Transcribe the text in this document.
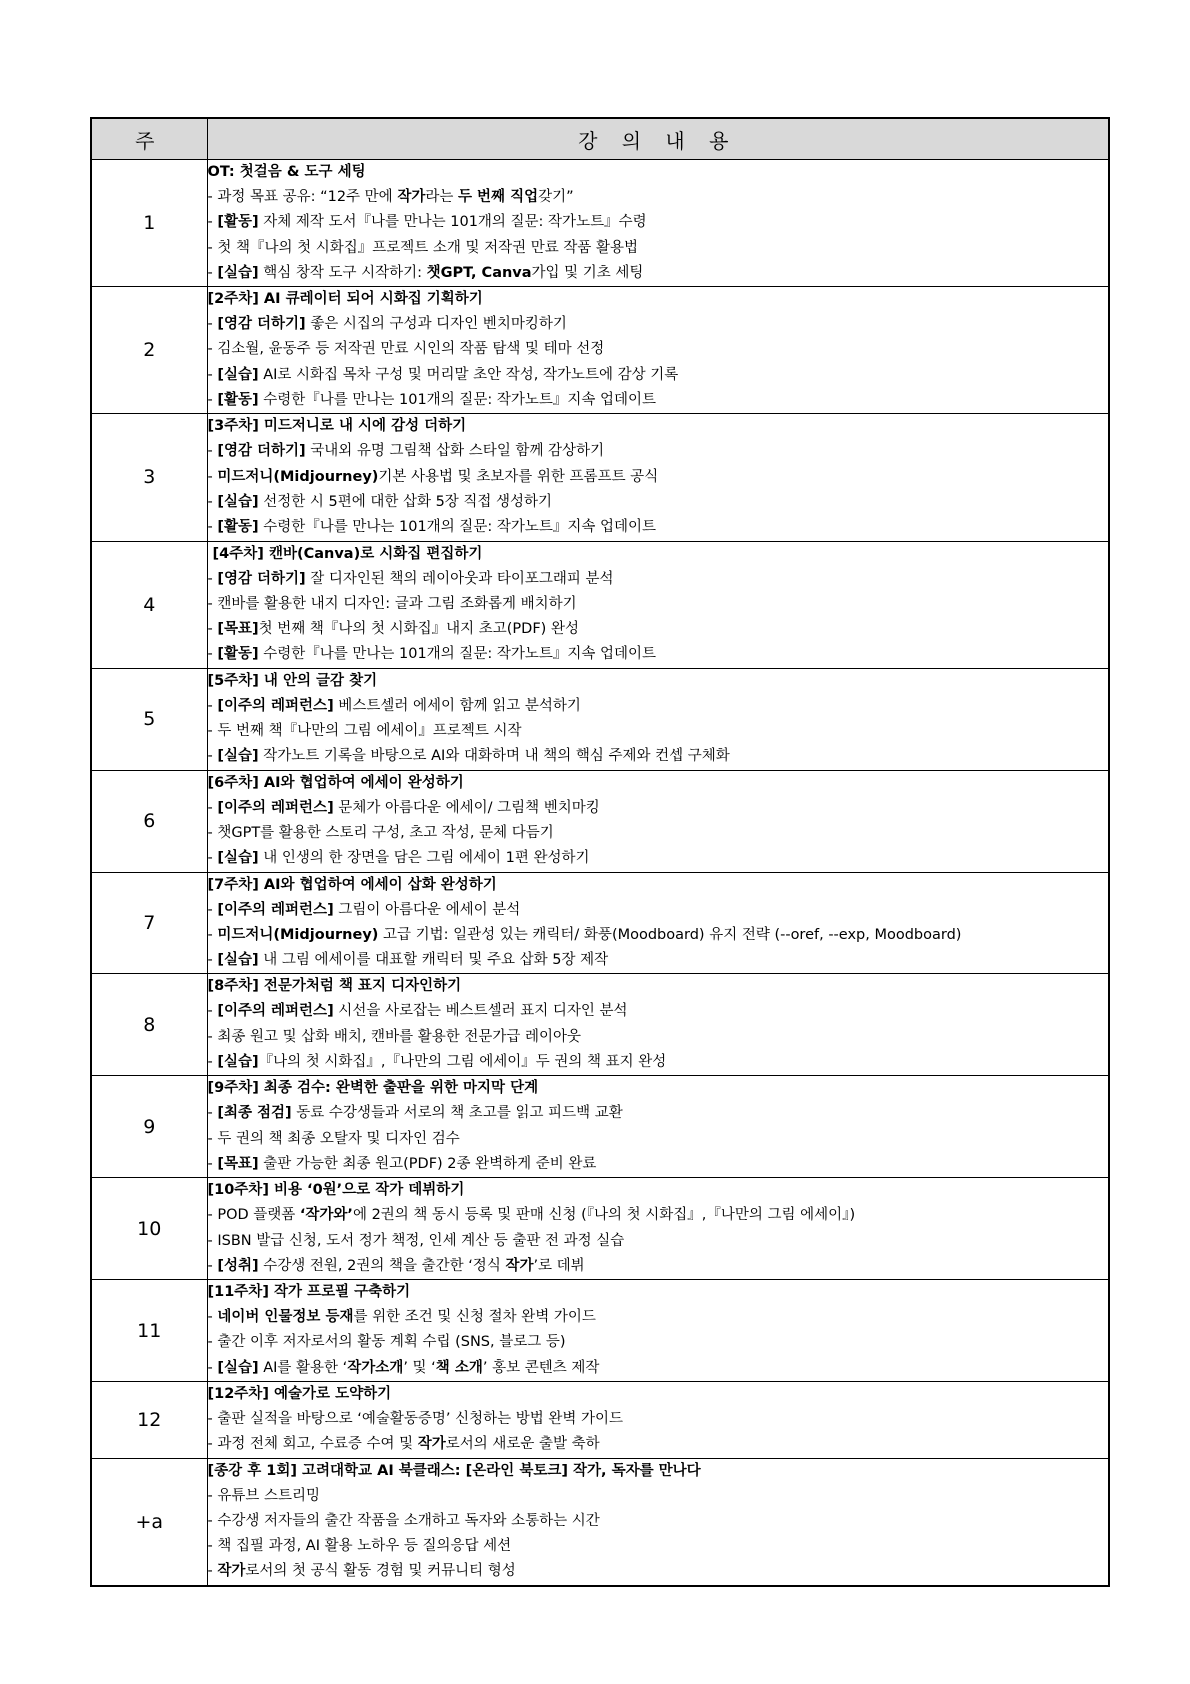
주	강 의 내 용
1	OT: 첫걸음 & 도구 세팅
- 과정 목표 공유: “12주 만에 작가라는 두 번째 직업갖기”
- [활동] 자체 제작 도서『나를 만나는 101개의 질문: 작가노트』수령
- 첫 책『나의 첫 시화집』프로젝트 소개 및 저작권 만료 작품 활용법
- [실습] 핵심 창작 도구 시작하기: 챗GPT, Canva가입 및 기초 세팅

2	[2주차] AI 큐레이터 되어 시화집 기획하기
- [영감 더하기] 좋은 시집의 구성과 디자인 벤치마킹하기
- 김소월, 윤동주 등 저작권 만료 시인의 작품 탐색 및 테마 선정
- [실습] AI로 시화집 목차 구성 및 머리말 초안 작성, 작가노트에 감상 기록
- [활동] 수령한『나를 만나는 101개의 질문: 작가노트』지속 업데이트

3	[3주차] 미드저니로 내 시에 감성 더하기
- [영감 더하기] 국내외 유명 그림책 삽화 스타일 함께 감상하기
- 미드저니(Midjourney)기본 사용법 및 초보자를 위한 프롬프트 공식
- [실습] 선정한 시 5편에 대한 삽화 5장 직접 생성하기
- [활동] 수령한『나를 만나는 101개의 질문: 작가노트』지속 업데이트

4	[4주차] 캔바(Canva)로 시화집 편집하기
- [영감 더하기] 잘 디자인된 책의 레이아웃과 타이포그래피 분석
- 캔바를 활용한 내지 디자인: 글과 그림 조화롭게 배치하기
- [목표]첫 번째 책『나의 첫 시화집』내지 초고(PDF) 완성
- [활동] 수령한『나를 만나는 101개의 질문: 작가노트』지속 업데이트

5	[5주차] 내 안의 글감 찾기
- [이주의 레퍼런스] 베스트셀러 에세이 함께 읽고 분석하기
- 두 번째 책『나만의 그림 에세이』프로젝트 시작
- [실습] 작가노트 기록을 바탕으로 AI와 대화하며 내 책의 핵심 주제와 컨셉 구체화

6	[6주차] AI와 협업하여 에세이 완성하기
- [이주의 레퍼런스] 문체가 아름다운 에세이/ 그림책 벤치마킹
- 챗GPT를 활용한 스토리 구성, 초고 작성, 문체 다듬기
- [실습] 내 인생의 한 장면을 담은 그림 에세이 1편 완성하기

7	[7주차] AI와 협업하여 에세이 삽화 완성하기
- [이주의 레퍼런스] 그림이 아름다운 에세이 분석
- 미드저니(Midjourney) 고급 기법: 일관성 있는 캐릭터/ 화풍(Moodboard) 유지 전략 (--oref, --exp, Moodboard)
- [실습] 내 그림 에세이를 대표할 캐릭터 및 주요 삽화 5장 제작

8	[8주차] 전문가처럼 책 표지 디자인하기
- [이주의 레퍼런스] 시선을 사로잡는 베스트셀러 표지 디자인 분석
- 최종 원고 및 삽화 배치, 캔바를 활용한 전문가급 레이아웃
- [실습]『나의 첫 시화집』,『나만의 그림 에세이』두 권의 책 표지 완성

9	[9주차] 최종 검수: 완벽한 출판을 위한 마지막 단계
- [최종 점검] 동료 수강생들과 서로의 책 초고를 읽고 피드백 교환
- 두 권의 책 최종 오탈자 및 디자인 검수
- [목표] 출판 가능한 최종 원고(PDF) 2종 완벽하게 준비 완료

10	[10주차] 비용 ‘0원’으로 작가 데뷔하기
- POD 플랫폼 ‘작가와’에 2권의 책 동시 등록 및 판매 신청 (『나의 첫 시화집』,『나만의 그림 에세이』)
- ISBN 발급 신청, 도서 정가 책정, 인세 계산 등 출판 전 과정 실습
- [성취] 수강생 전원, 2권의 책을 출간한 ‘정식 작가’로 데뷔

11	[11주차] 작가 프로필 구축하기
- 네이버 인물정보 등재를 위한 조건 및 신청 절차 완벽 가이드
- 출간 이후 저자로서의 활동 계획 수립 (SNS, 블로그 등)
- [실습] AI를 활용한 ‘작가소개’ 및 ‘책 소개’ 홍보 콘텐츠 제작

12	[12주차] 예술가로 도약하기
- 출판 실적을 바탕으로 ‘예술활동증명’ 신청하는 방법 완벽 가이드
- 과정 전체 회고, 수료증 수여 및 작가로서의 새로운 출발 축하

+a	[종강 후 1회] 고려대학교 AI 북클래스: [온라인 북토크] 작가, 독자를 만나다
- 유튜브 스트리밍
- 수강생 저자들의 출간 작품을 소개하고 독자와 소통하는 시간
- 책 집필 과정, AI 활용 노하우 등 질의응답 세션
- 작가로서의 첫 공식 활동 경험 및 커뮤니티 형성
